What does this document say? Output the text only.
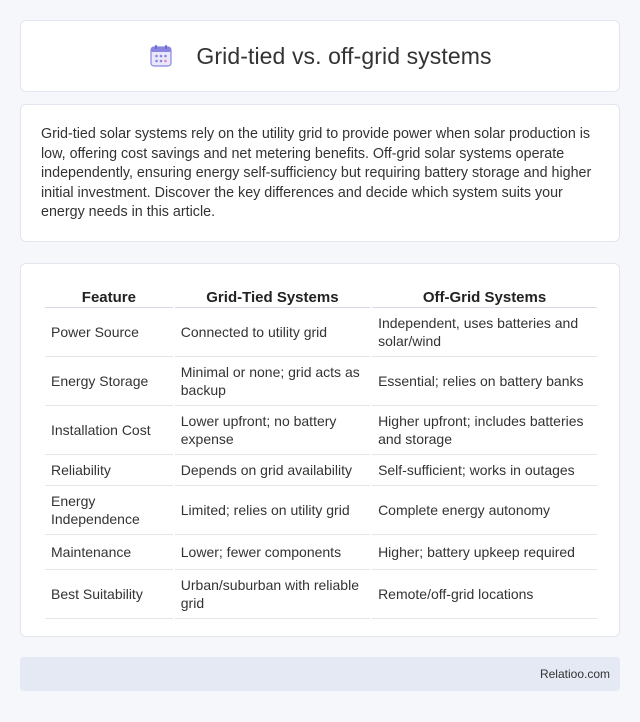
Grid-tied vs. off-grid systems

Grid-tied solar systems rely on the utility grid to provide power when solar production is low, offering cost savings and net metering benefits. Off-grid solar systems operate independently, ensuring energy self-sufficiency but requiring battery storage and higher initial investment. Discover the key differences and decide which system suits your energy needs in this article.

Feature	Grid-Tied Systems	Off-Grid Systems
Power Source	Connected to utility grid	Independent, uses batteries and solar/wind
Energy Storage	Minimal or none; grid acts as backup	Essential; relies on battery banks
Installation Cost	Lower upfront; no battery expense	Higher upfront; includes batteries and storage
Reliability	Depends on grid availability	Self-sufficient; works in outages
Energy Independence	Limited; relies on utility grid	Complete energy autonomy
Maintenance	Lower; fewer components	Higher; battery upkeep required
Best Suitability	Urban/suburban with reliable grid	Remote/off-grid locations
Relatioo.com
